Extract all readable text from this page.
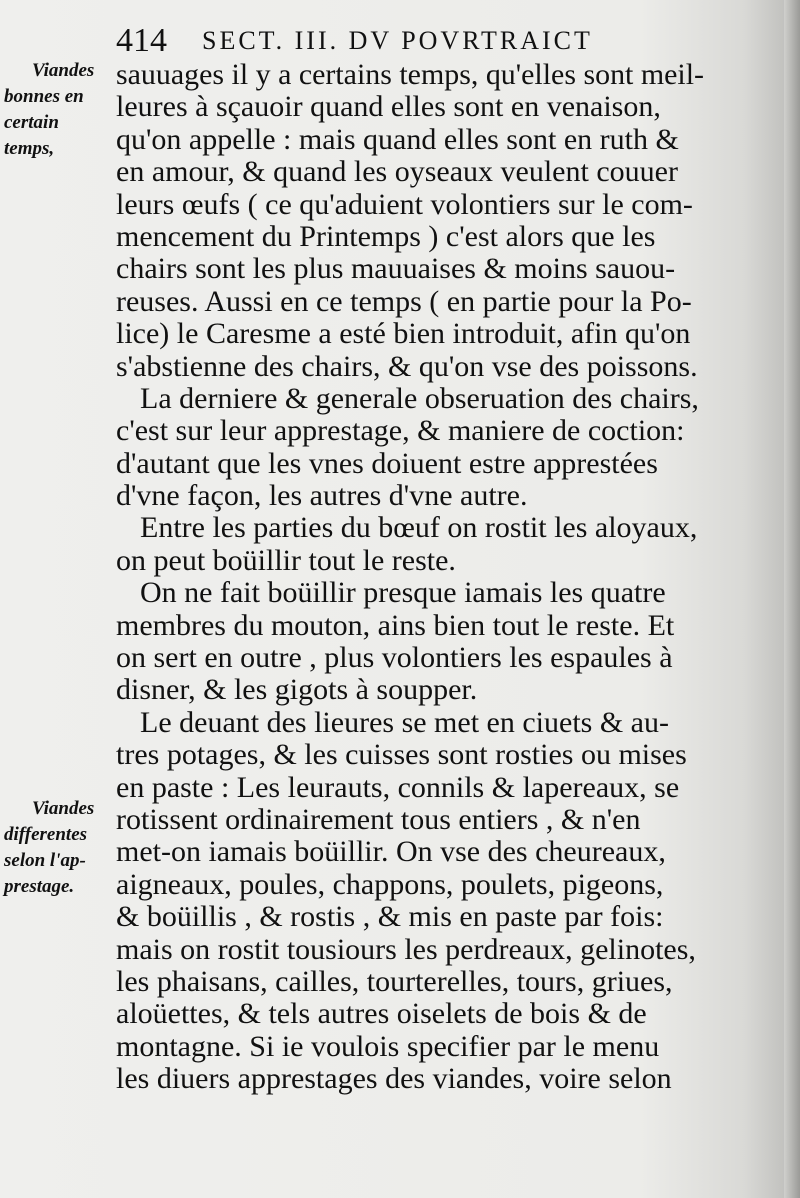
414 SECT. III. DV POVRTRAICT
Viandes
bonnes en
certain
temps,
Viandes
differentes
selon l'ap-
prestage.
sauuages il y a certains temps, qu'elles sont meil-
leures à sçauoir quand elles sont en venaison,
qu'on appelle : mais quand elles sont en ruth &
en amour, & quand les oyseaux veulent couuer
leurs œufs ( ce qu'aduient volontiers sur le com-
mencement du Printemps ) c'est alors que les
chairs sont les plus mauuaises & moins sauou-
reuses. Aussi en ce temps ( en partie pour la Po-
lice) le Caresme a esté bien introduit, afin qu'on
s'abstienne des chairs, & qu'on vse des poissons.
La derniere & generale obseruation des chairs,
c'est sur leur apprestage, & maniere de coction:
d'autant que les vnes doiuent estre apprestées
d'vne façon, les autres d'vne autre.
Entre les parties du bœuf on rostit les aloyaux,
on peut boüillir tout le reste.
On ne fait boüillir presque iamais les quatre
membres du mouton, ains bien tout le reste. Et
on sert en outre , plus volontiers les espaules à
disner, & les gigots à soupper.
Le deuant des lieures se met en ciuets & au-
tres potages, & les cuisses sont rosties ou mises
en paste : Les leurauts, connils & lapereaux, se
rotissent ordinairement tous entiers , & n'en
met-on iamais boüillir. On vse des cheureaux,
aigneaux, poules, chappons, poulets, pigeons,
& boüillis , & rostis , & mis en paste par fois:
mais on rostit tousiours les perdreaux, gelinotes,
les phaisans, cailles, tourterelles, tours, griues,
aloüettes, & tels autres oiselets de bois & de
montagne. Si ie voulois specifier par le menu
les diuers apprestages des viandes, voire selon
